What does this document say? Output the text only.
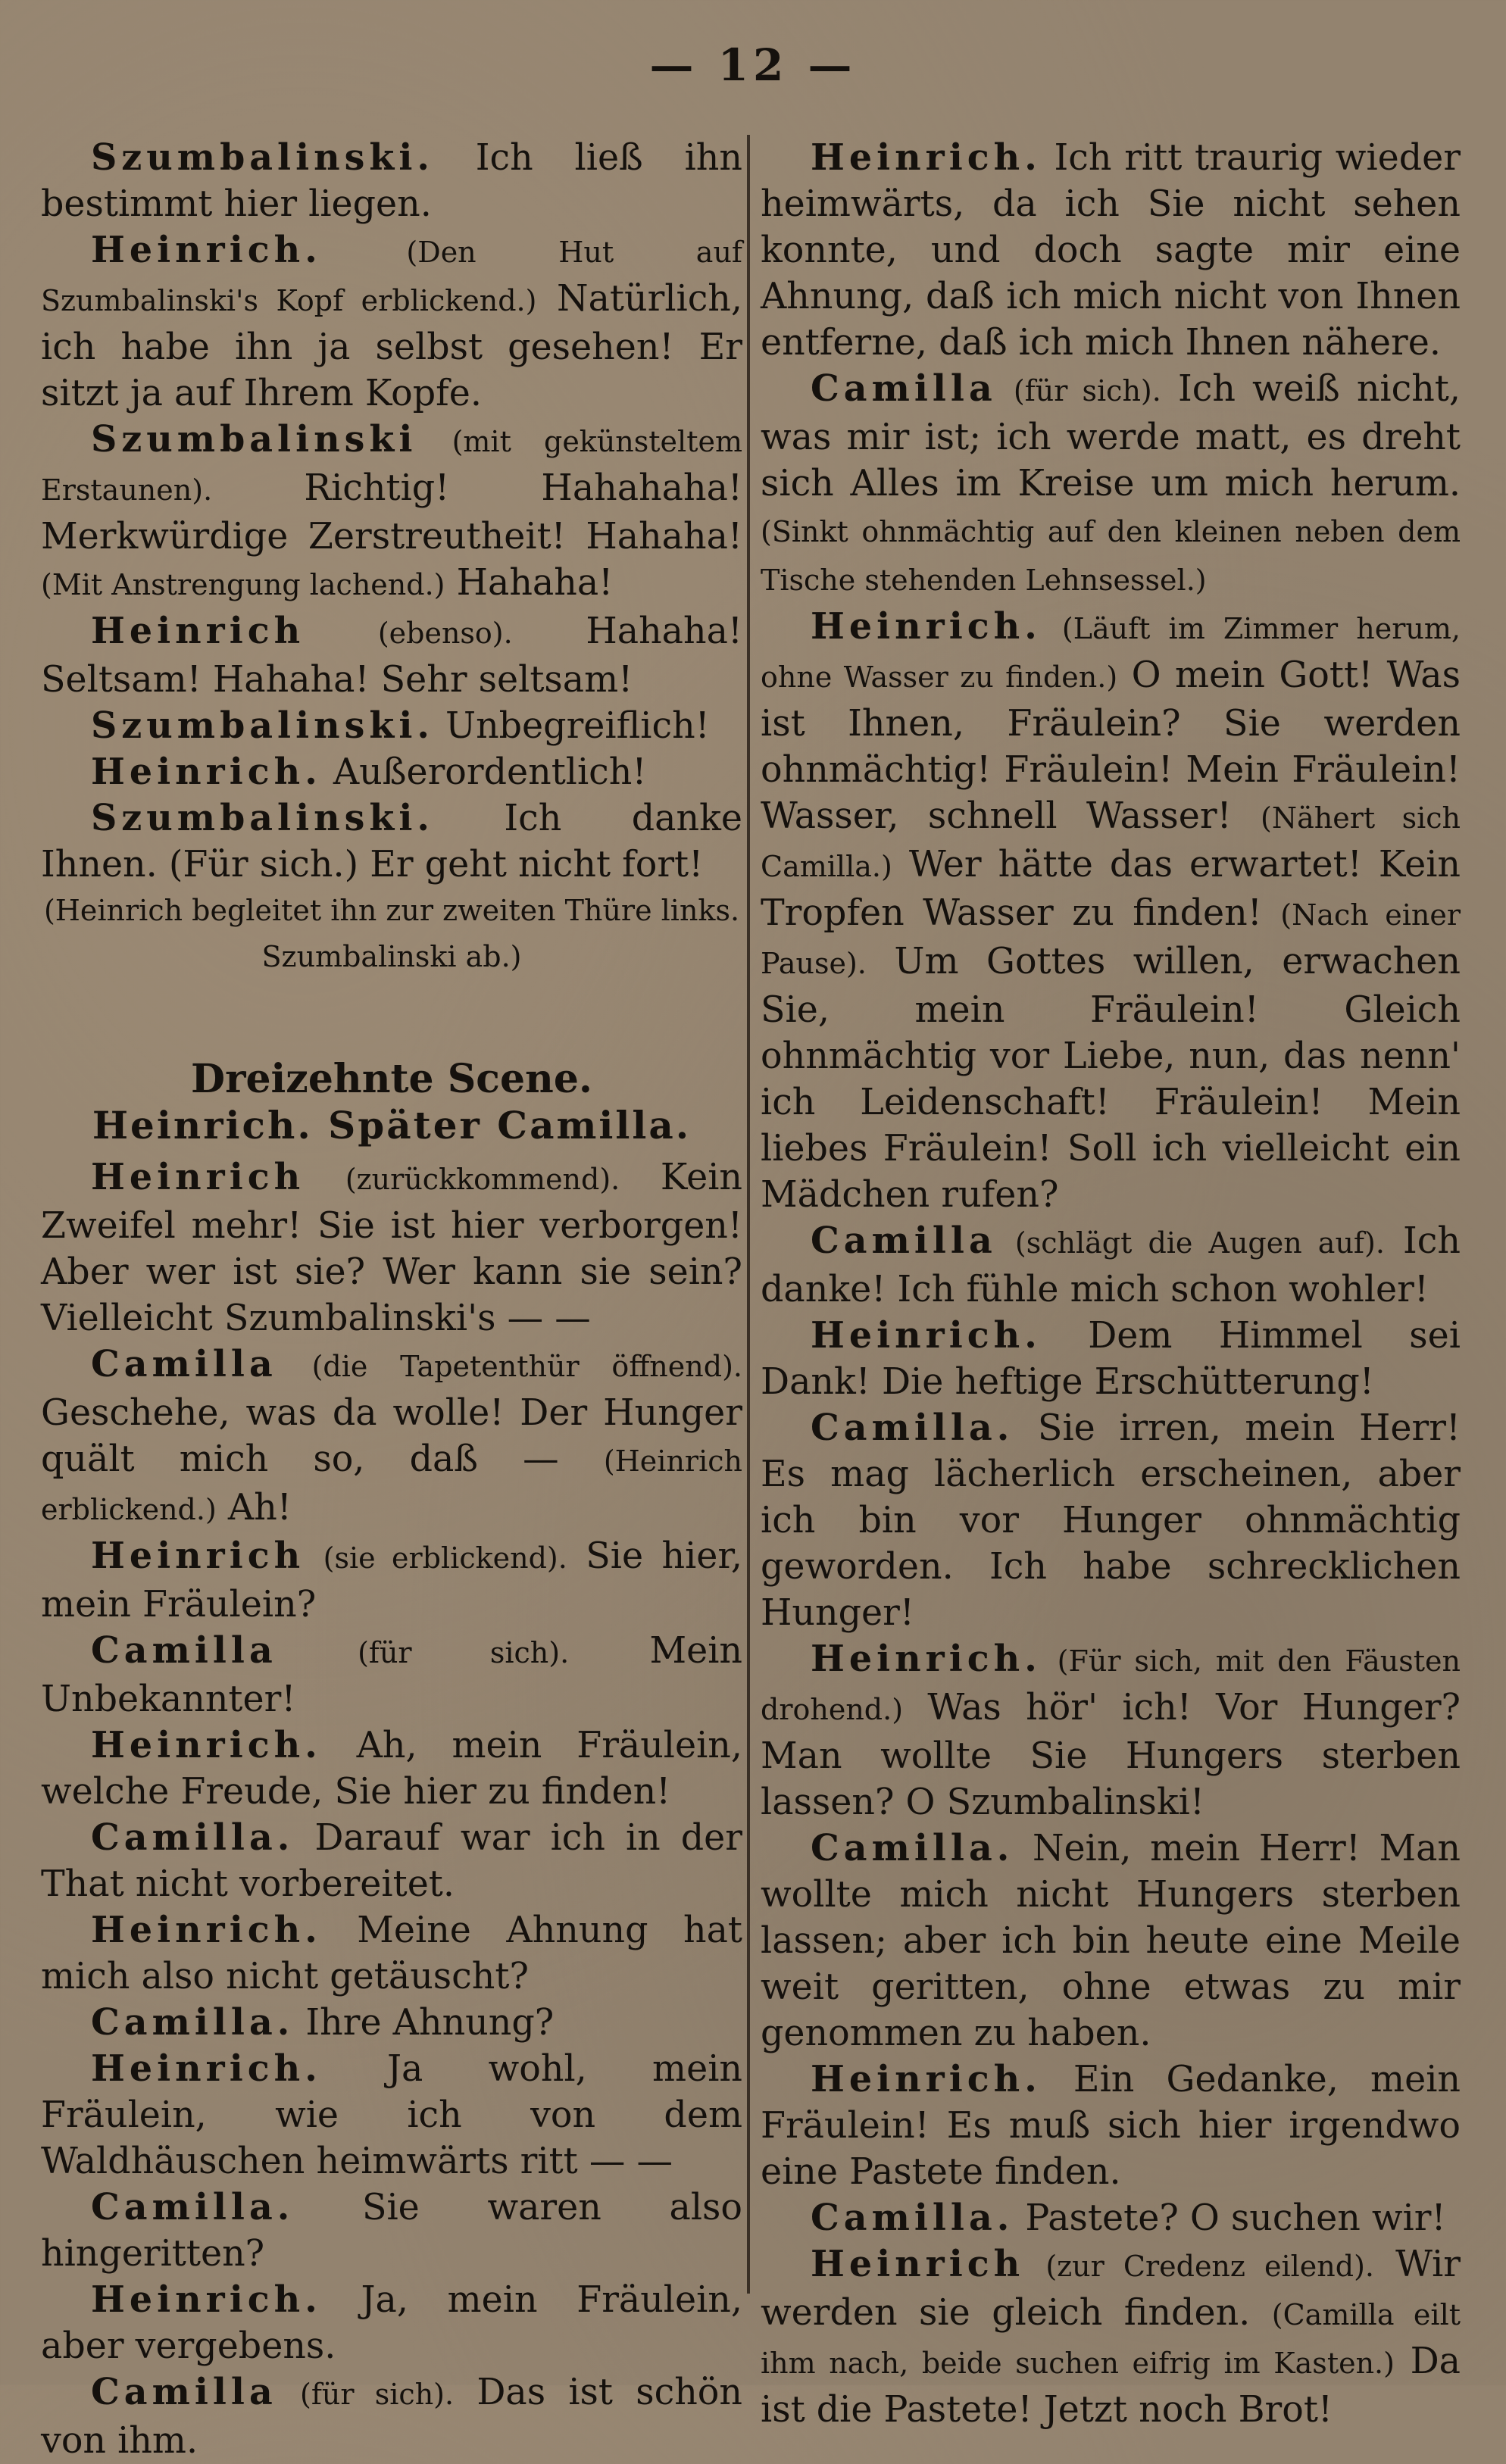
— 12 —

Szumbalinski. Ich ließ ihn bestimmt hier liegen.

Heinrich.	(Den Hut auf Szumbalinski's Kopf erblickend.) Natürlich, ich habe ihn ja selbst gesehen! Er sitzt ja auf Ihrem Kopfe.

Szumbalinski (mit gekünsteltem Erstaunen).	Richtig! Hahahaha! Merkwürdige Zerstreutheit! Hahaha! (Mit Anstrengung lachend.) Hahaha!

Heinrich	(ebenso). Hahaha! Seltsam! Hahaha! Sehr seltsam!

Szumbalinski. Unbegreiflich!

Heinrich. Außerordentlich!

Szumbalinski. Ich danke Ihnen. (Für sich.) Er geht nicht fort!

(Heinrich begleitet ihn zur zweiten Thüre links. Szumbalinski ab.)

Dreizehnte Scene.

Heinrich. Später Camilla.

Heinrich (zurückkommend). Kein Zweifel mehr! Sie ist hier verborgen! Aber wer ist sie? Wer kann sie sein? Vielleicht Szumbalinski's — —

Camilla (die Tapetenthür öffnend). Geschehe, was da wolle! Der Hunger quält mich so, daß — (Heinrich erblickend.) Ah!

Heinrich (sie erblickend). Sie hier, mein Fräulein?

Camilla	(für sich). Mein Unbekannter!

Heinrich. Ah, mein Fräulein, welche Freude, Sie hier zu finden!

Camilla. Darauf war ich in der That nicht vorbereitet.

Heinrich. Meine Ahnung hat mich also nicht getäuscht?

Camilla. Ihre Ahnung?

Heinrich. Ja wohl, mein Fräulein, wie ich von dem Waldhäuschen heimwärts ritt — —

Camilla. Sie waren also hingeritten?

Heinrich. Ja, mein Fräulein, aber vergebens.

Camilla (für sich). Das ist schön von ihm.

Heinrich. Ich ritt traurig wieder heimwärts, da ich Sie nicht sehen konnte, und doch sagte mir eine Ahnung, daß ich mich nicht von Ihnen entferne, daß ich mich Ihnen nähere.

Camilla (für sich). Ich weiß nicht, was mir ist; ich werde matt, es dreht sich Alles im Kreise um mich herum. (Sinkt ohnmächtig auf den kleinen neben dem Tische stehenden Lehnsessel.)

Heinrich. (Läuft im Zimmer herum, ohne Wasser zu finden.) O mein Gott! Was ist Ihnen, Fräulein? Sie werden ohnmächtig! Fräulein! Mein Fräulein! Wasser, schnell Wasser! (Nähert sich Camilla.) Wer hätte das erwartet! Kein Tropfen Wasser zu finden! (Nach einer Pause). Um Gottes willen, erwachen Sie, mein Fräulein! Gleich ohnmächtig vor Liebe, nun, das nenn' ich Leidenschaft! Fräulein! Mein liebes Fräulein! Soll ich vielleicht ein Mädchen rufen?

Camilla (schlägt die Augen auf). Ich danke! Ich fühle mich schon wohler!

Heinrich. Dem Himmel sei Dank! Die heftige Erschütterung!

Camilla. Sie irren, mein Herr! Es mag lächerlich erscheinen, aber ich bin vor Hunger ohnmächtig geworden. Ich habe schrecklichen Hunger!

Heinrich. (Für sich, mit den Fäusten drohend.) Was hör' ich! Vor Hunger? Man wollte Sie Hungers sterben lassen? O Szumbalinski!

Camilla. Nein, mein Herr! Man wollte mich nicht Hungers sterben lassen; aber ich bin heute eine Meile weit geritten, ohne etwas zu mir genommen zu haben.

Heinrich. Ein Gedanke, mein Fräulein! Es muß sich hier irgendwo eine Pastete finden.

Camilla. Pastete? O suchen wir!

Heinrich (zur Credenz eilend). Wir werden sie gleich finden. (Camilla eilt ihm nach, beide suchen eifrig im Kasten.) Da ist die Pastete! Jetzt noch Brot!
